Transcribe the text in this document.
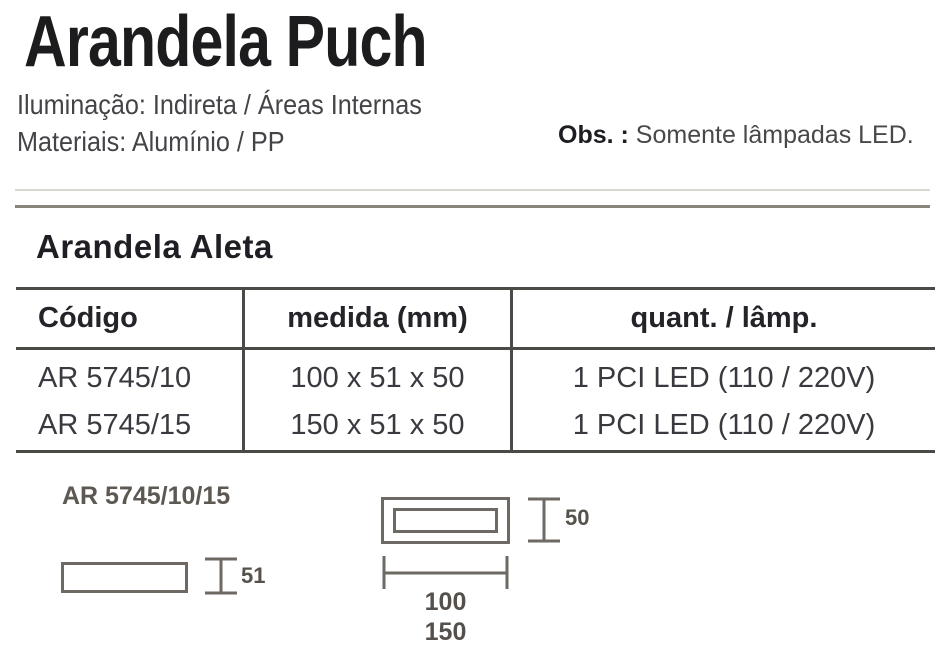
Arandela Puch
Iluminação: Indireta / Áreas Internas
Materiais: Alumínio / PP	Obs. : Somente lâmpadas LED.
Arandela Aleta
Código	medida (mm)	quant. / lâmp.
AR 5745/10	100 x 51 x 50	1 PCI LED (110 / 220V)
AR 5745/15	150 x 51 x 50	1 PCI LED (110 / 220V)
AR 5745/10/15
51
50
100
150
